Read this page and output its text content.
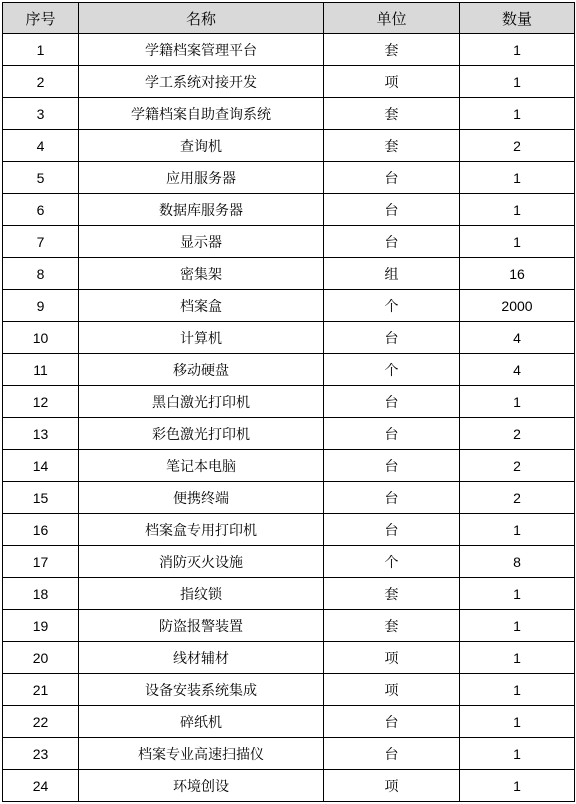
序号	名称	单位	数量
1	学籍档案管理平台	套	1
2	学工系统对接开发	项	1
3	学籍档案自助查询系统	套	1
4	查询机	套	2
5	应用服务器	台	1
6	数据库服务器	台	1
7	显示器	台	1
8	密集架	组	16
9	档案盒	个	2000
10	计算机	台	4
11	移动硬盘	个	4
12	黑白激光打印机	台	1
13	彩色激光打印机	台	2
14	笔记本电脑	台	2
15	便携终端	台	2
16	档案盒专用打印机	台	1
17	消防灭火设施	个	8
18	指纹锁	套	1
19	防盗报警装置	套	1
20	线材辅材	项	1
21	设备安装系统集成	项	1
22	碎纸机	台	1
23	档案专业高速扫描仪	台	1
24	环境创设	项	1
